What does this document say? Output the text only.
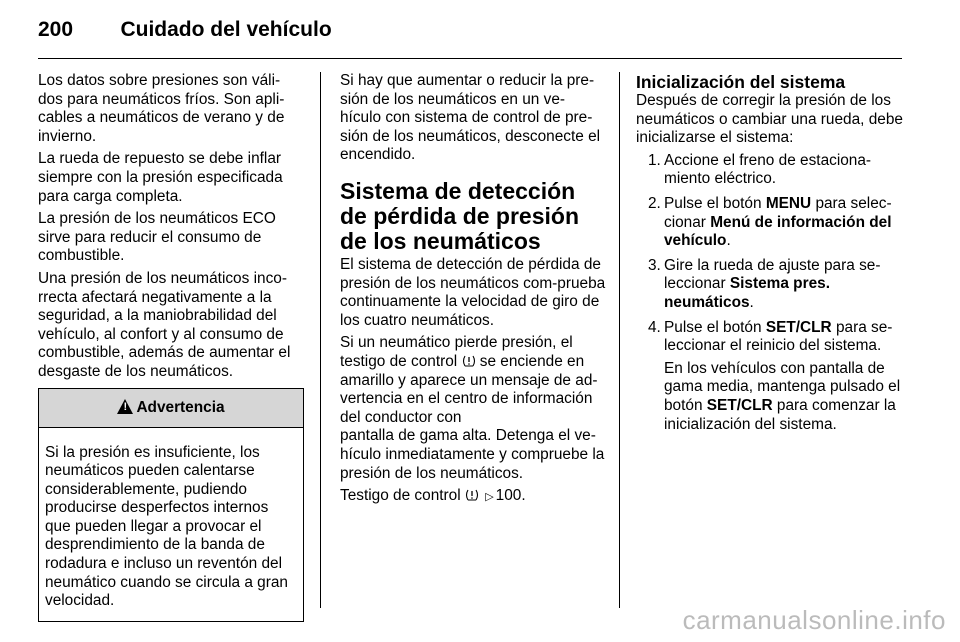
200 Cuidado del vehículo

Los datos sobre presiones son váli-dos para neumáticos fríos. Son apli-cables a neumáticos de verano y de invierno.

La rueda de repuesto se debe inflar siempre con la presión especificada para carga completa.

La presión de los neumáticos ECO sirve para reducir el consumo de combustible.

Una presión de los neumáticos inco-rrecta afectará negativamente a la seguridad, a la maniobrabilidad del vehículo, al confort y al consumo de combustible, además de aumentar el desgaste de los neumáticos.

!Advertencia
Si la presión es insuficiente, los neumáticos pueden calentarse considerablemente, pudiendo producirse desperfectos internos que pueden llegar a provocar el desprendimiento de la banda de rodadura e incluso un reventón del neumático cuando se circula a gran velocidad.

Si hay que aumentar o reducir la pre-sión de los neumáticos en un ve-hículo con sistema de control de pre-sión de los neumáticos, desconecte el encendido.

Sistema de detección de pérdida de presión de los neumáticos

El sistema de detección de pérdida de presión de los neumáticos com-prueba continuamente la velocidad de giro de los cuatro neumáticos.

Si un neumático pierde presión, el testigo de control se enciende en amarillo y aparece un mensaje de ad-vertencia en el centro de información del conductor con
pantalla de gama alta. Detenga el ve-hículo inmediatamente y compruebe la presión de los neumáticos.

Testigo de control ▷ 100.

Inicialización del sistema

Después de corregir la presión de los neumáticos o cambiar una rueda, debe inicializarse el sistema:

1. Accione el freno de estaciona-miento eléctrico.
2. Pulse el botón MENU para selec-cionar Menú de información del vehículo.
3. Gire la rueda de ajuste para se-leccionar Sistema pres. neumáticos.
4. Pulse el botón SET/CLR para se-leccionar el reinicio del sistema.
En los vehículos con pantalla de gama media, mantenga pulsado el botón SET/CLR para comenzar la inicialización del sistema.
carmanualsonline.info
